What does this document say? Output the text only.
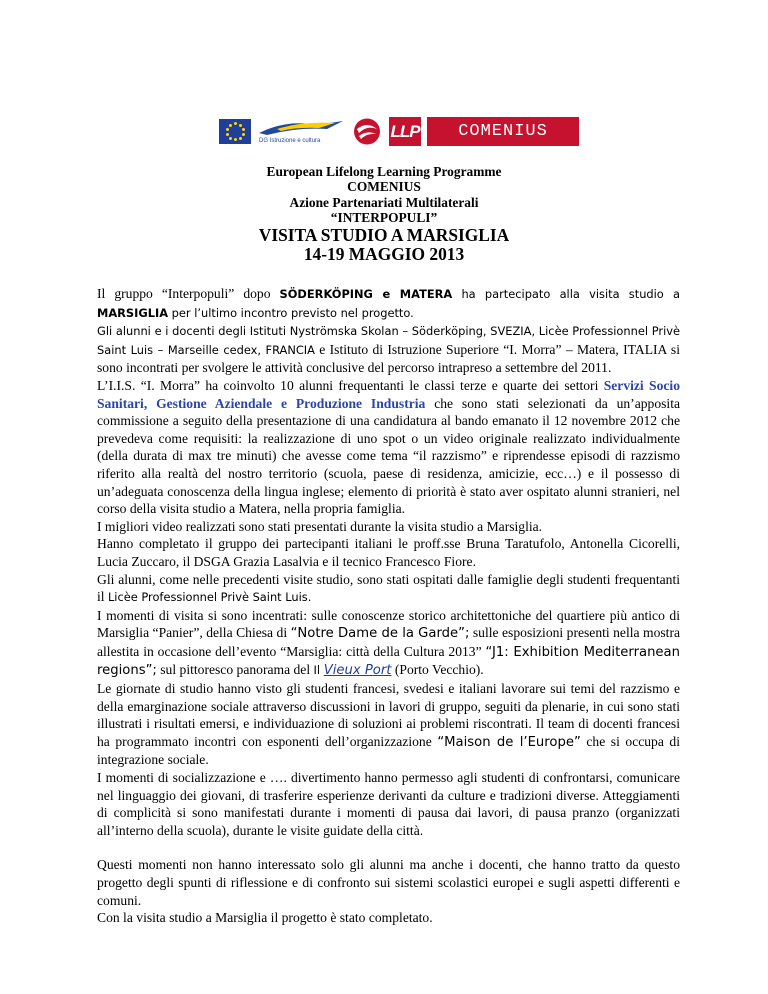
DG Istruzione e cultura	LLP	COMENIUS
European Lifelong Learning Programme
COMENIUS
Azione Partenariati Multilaterali
“INTERPOPULI”
VISITA STUDIO A MARSIGLIA
14-19 MAGGIO 2013

Il gruppo “Interpopuli” dopo SÖDERKÖPING e MATERA ha partecipato alla visita studio a MARSIGLIA per l’ultimo incontro previsto nel progetto.

Gli alunni e i docenti degli Istituti Nyströmska Skolan – Söderköping, SVEZIA, Licèe Professionnel Privè Saint Luis – Marseille cedex, FRANCIA e Istituto di Istruzione Superiore “I. Morra” – Matera, ITALIA si sono incontrati per svolgere le attività conclusive del percorso intrapreso a settembre del 2011.

L’I.I.S. “I. Morra” ha coinvolto 10 alunni frequentanti le classi terze e quarte dei settori Servizi Socio Sanitari, Gestione Aziendale e Produzione Industria che sono stati selezionati da un’apposita commissione a seguito della presentazione di una candidatura al bando emanato il 12 novembre 2012 che prevedeva come requisiti: la realizzazione di uno spot o un video originale realizzato individualmente (della durata di max tre minuti) che avesse come tema “il razzismo” e riprendesse episodi di razzismo riferito alla realtà del nostro territorio (scuola, paese di residenza, amicizie, ecc…) e il possesso di un’adeguata conoscenza della lingua inglese; elemento di priorità è stato aver ospitato alunni stranieri, nel corso della visita studio a Matera, nella propria famiglia.

I migliori video realizzati sono stati presentati durante la visita studio a Marsiglia.

Hanno completato il gruppo dei partecipanti italiani le proff.sse Bruna Taratufolo, Antonella Cicorelli, Lucia Zuccaro, il DSGA Grazia Lasalvia e il tecnico Francesco Fiore.

Gli alunni, come nelle precedenti visite studio, sono stati ospitati dalle famiglie degli studenti frequentanti il Licèe Professionnel Privè Saint Luis.

I momenti di visita si sono incentrati: sulle conoscenze storico architettoniche del quartiere più antico di Marsiglia “Panier”, della Chiesa di “Notre Dame de la Garde”; sulle esposizioni presenti nella mostra allestita in occasione dell’evento “Marsiglia: città della Cultura 2013” “J1: Exhibition Mediterranean regions”; sul pittoresco panorama del Il Vieux Port (Porto Vecchio).

Le giornate di studio hanno visto gli studenti francesi, svedesi e italiani lavorare sui temi del razzismo e della emarginazione sociale attraverso discussioni in lavori di gruppo, seguiti da plenarie, in cui sono stati illustrati i risultati emersi, e individuazione di soluzioni ai problemi riscontrati. Il team di docenti francesi ha programmato incontri con esponenti dell’organizzazione “Maison de l’Europe” che si occupa di integrazione sociale.

I momenti di socializzazione e …. divertimento hanno permesso agli studenti di confrontarsi, comunicare nel linguaggio dei giovani, di trasferire esperienze derivanti da culture e tradizioni diverse. Atteggiamenti di complicità si sono manifestati durante i momenti di pausa dai lavori, di pausa pranzo (organizzati all’interno della scuola), durante le visite guidate della città.

Questi momenti non hanno interessato solo gli alunni ma anche i docenti, che hanno tratto da questo progetto degli spunti di riflessione e di confronto sui sistemi scolastici europei e sugli aspetti differenti e comuni.

Con la visita studio a Marsiglia il progetto è stato completato.
